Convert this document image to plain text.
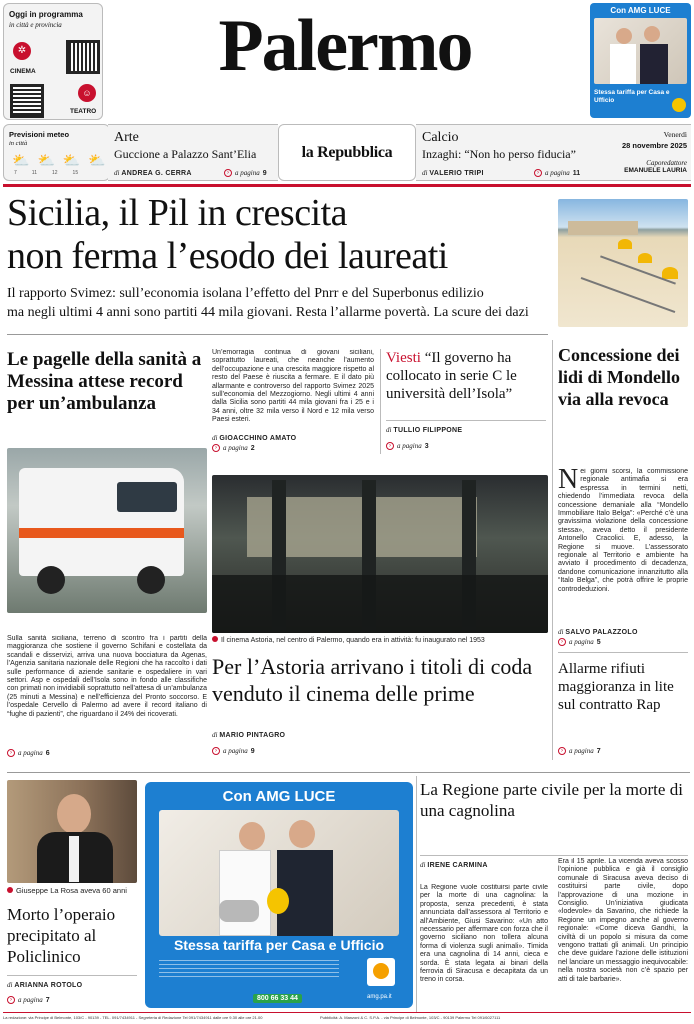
Oggi in programma
in città e provincia
✲
CINEMA
☺
TEATRO
Palermo	Con AMG LUCE
Stessa tariffa per Casa e Ufficio
Previsioni meteo
in città
⛅ ⛅ ⛅ ⛅
7	11	12	15
Arte
Guccione a Palazzo Sant’Elia
di ANDREA G. CERRA	› a pagina 9
la Repubblica
Calcio
Inzaghi: “Non ho perso fiducia”
di VALERIO TRIPI	› a pagina 11
Venerdì
28 novembre 2025
Caporedattore
EMANUELE LAURIA
Sicilia, il Pil in crescita
non ferma l’esodo dei laureati
Il rapporto Svimez: sull’economia isolana l’effetto del Pnrr e del Superbonus edilizio
ma negli ultimi 4 anni sono partiti 44 mila giovani. Resta l’allarme povertà. La scure dei dazi
Le pagelle della sanità a Messina attese record per un’ambulanza
Sulla sanità siciliana, terreno di scontro fra i partiti della maggioranza che sostiene il governo Schifani e costellata da scandali e disservizi, arriva una nuova bocciatura da Agenas, l’Agenzia sanitaria nazionale delle Regioni che ha raccolto i dati sulle performance di aziende sanitarie e ospedaliere in vari settori. Asp e ospedali dell’Isola sono in fondo alle classifiche con primati non invidiabili soprattutto nell’attesa di un’ambulanza (25 minuti a Messina) e nell’efficienza del Pronto soccorso. E l’ospedale Cervello di Palermo ad avere il record italiano di “fughe di pazienti”, che riguardano il 24% dei ricoverati.
› a pagina 6
Un’emorragia continua di giovani siciliani, soprattutto laureati, che neanche l’aumento dell’occupazione e una crescita maggiore rispetto al resto del Paese è riuscita a fermare. E il dato più allarmante e controverso del rapporto Svimez 2025 sull’economia del Mezzogiorno. Negli ultimi 4 anni dalla Sicilia sono partiti 44 mila giovani fra i 25 e i 34 anni, oltre 32 mila verso il Nord e 12 mila verso Paesi esteri.
di GIOACCHINO AMATO
› a pagina 2
Viesti “Il governo ha collocato in serie C le università dell’Isola”
di TULLIO FILIPPONE
› a pagina 3
Il cinema Astoria, nel centro di Palermo, quando era in attività: fu inaugurato nel 1953
Per l’Astoria arrivano i titoli di coda venduto il cinema delle prime
di MARIO PINTAGRO
› a pagina 9
Concessione dei lidi di Mondello via alla revoca
Nei giorni scorsi, la commissione regionale antimafia si era espressa in termini netti, chiedendo l’immediata revoca della concessione demaniale alla “Mondello Immobiliare Italo Belga”: «Perché c’è una gravissima violazione della concessione stessa», aveva detto il presidente Antonello Cracolici. E, adesso, la Regione si muove. L’assessorato regionale al Territorio e ambiente ha avviato il procedimento di decadenza, dandone comunicazione innanzitutto alla “Italo Belga”, che potrà offrire le proprie controdeduzioni.
di SALVO PALAZZOLO
› a pagina 5
Allarme rifiuti maggioranza in lite sul contratto Rap
› a pagina 7
Giuseppe La Rosa aveva 60 anni
Morto l’operaio precipitato al Policlinico
di ARIANNA ROTOLO
› a pagina 7
Con AMG LUCE
Stessa tariffa per Casa e Ufficio
800 66 33 44	amg.pa.it
La Regione parte civile per la morte di una cagnolina
di IRENE CARMINA
La Regione vuole costituirsi parte civile per la morte di una cagnolina: la proposta, senza precedenti, è stata annunciata dall’assessora al Territorio e all’Ambiente, Giusi Savarino: «Un atto necessario per affermare con forza che il governo siciliano non tollera alcuna forma di violenza sugli animali». Timida era una cagnolina di 14 anni, cieca e sorda. È stata legata ai binari della ferrovia di Siracusa e decapitata da un treno in corsa.
Era il 15 aprile. La vicenda aveva scosso l’opinione pubblica e già il consiglio comunale di Siracusa aveva deciso di costituirsi parte civile, dopo l’approvazione di una mozione in Consiglio. Un’iniziativa giudicata «lodevole» da Savarino, che richiede la Regione un impegno anche al governo regionale: «Come diceva Gandhi, la civiltà di un popolo si misura da come vengono trattati gli animali. Un principio che deve guidare l’azione delle istituzioni nel lanciare un messaggio inequivocabile: nella nostra società non c’è spazio per atti di tale barbarie».
La redazione: via Principe di Belmonte, 103/C - 90139 - TEL. 091/7434911 - Segreteria di Redazione Tel 091/7434911 dalle ore 9.30 alle ore 21.00	Pubblicità: A. Manzoni & C. S.P.A. - via Principe di Belmonte, 103/C - 90139 Palermo Tel 091/6027111
